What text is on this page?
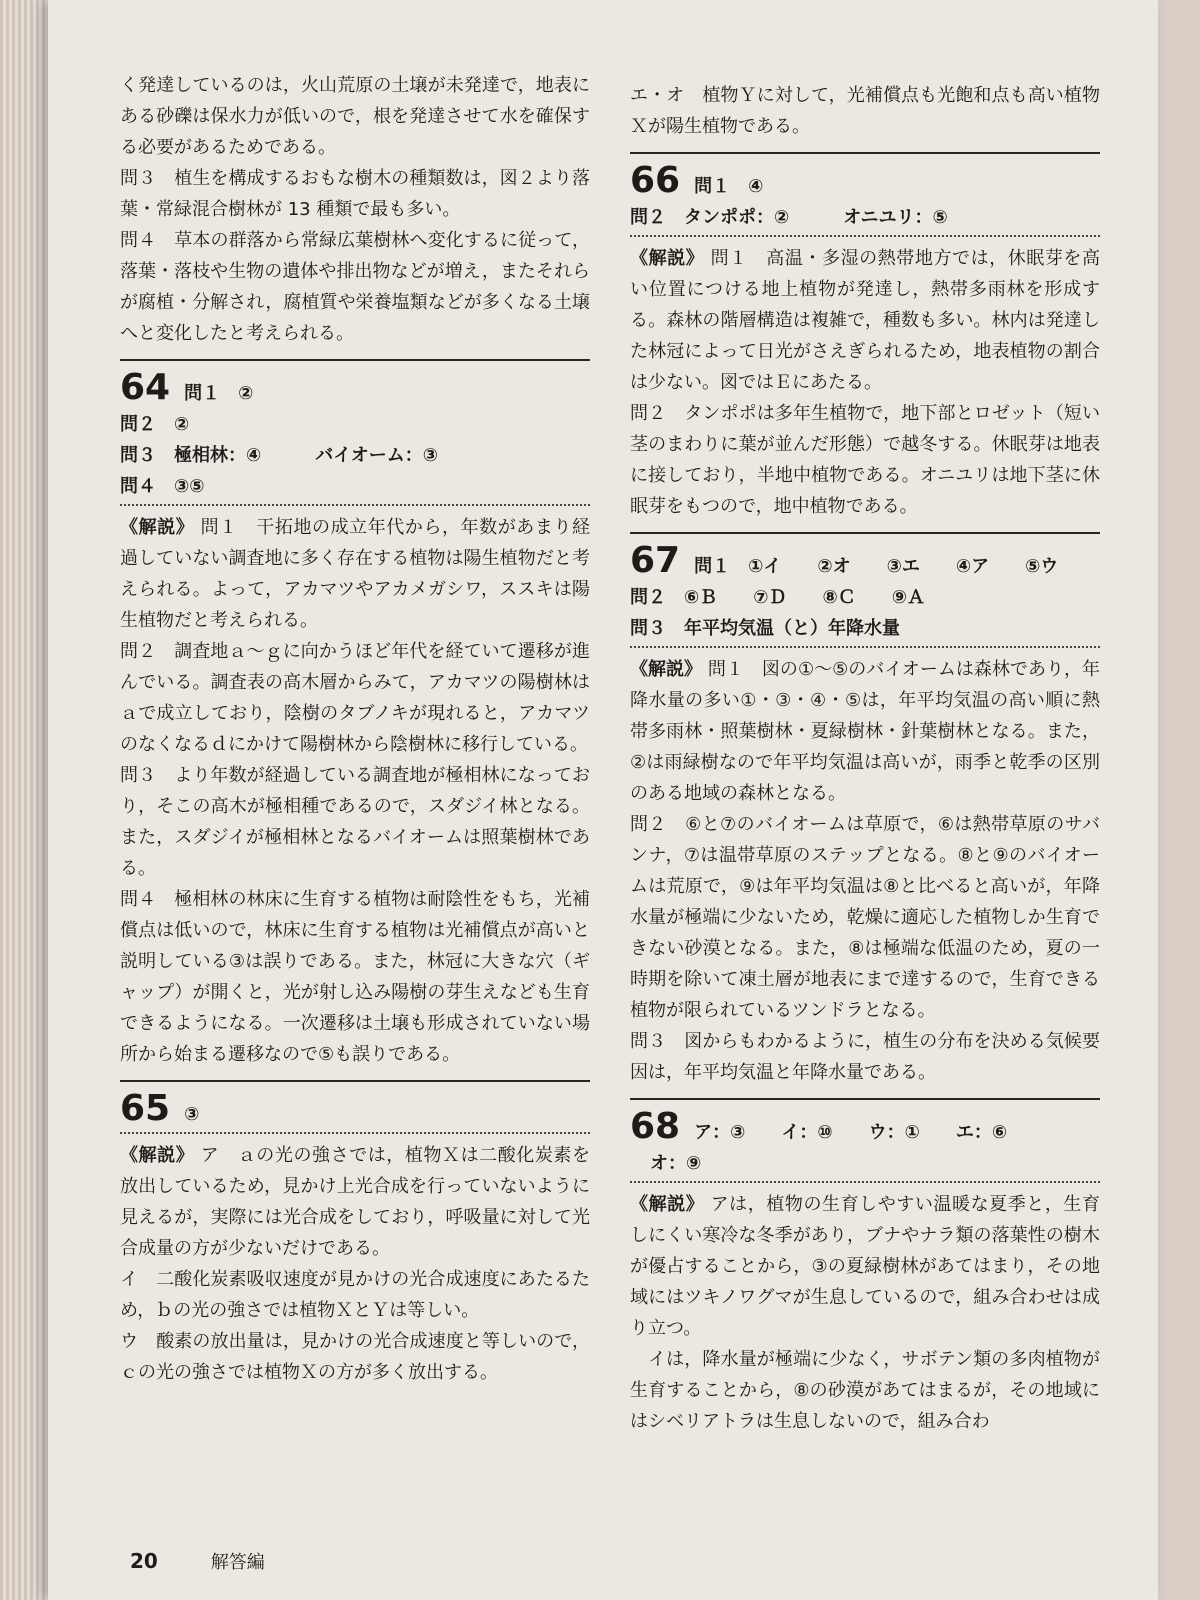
く発達しているのは，火山荒原の土壌が未発達で，地表にある砂礫は保水力が低いので，根を発達させて水を確保する必要があるためである。

問３　植生を構成するおもな樹木の種類数は，図２より落葉・常緑混合樹林が 13 種類で最も多い。

問４　草本の群落から常緑広葉樹林へ変化するに従って，落葉・落枝や生物の遺体や排出物などが増え，またそれらが腐植・分解され，腐植質や栄養塩類などが多くなる土壌へと変化したと考えられる。

64 問１　②

問２　②

問３　極相林：④　　　バイオーム：③

問４　③⑤

《解説》 問１　干拓地の成立年代から，年数があまり経過していない調査地に多く存在する植物は陽生植物だと考えられる。よって，アカマツやアカメガシワ，ススキは陽生植物だと考えられる。

問２　調査地ａ～ｇに向かうほど年代を経ていて遷移が進んでいる。調査表の高木層からみて，アカマツの陽樹林はａで成立しており，陰樹のタブノキが現れると，アカマツのなくなるｄにかけて陽樹林から陰樹林に移行している。

問３　より年数が経過している調査地が極相林になっており，そこの高木が極相種であるので，スダジイ林となる。また，スダジイが極相林となるバイオームは照葉樹林である。

問４　極相林の林床に生育する植物は耐陰性をもち，光補償点は低いので，林床に生育する植物は光補償点が高いと説明している③は誤りである。また，林冠に大きな穴（ギャップ）が開くと，光が射し込み陽樹の芽生えなども生育できるようになる。一次遷移は土壌も形成されていない場所から始まる遷移なので⑤も誤りである。

65 ③

《解説》 ア　ａの光の強さでは，植物Ｘは二酸化炭素を放出しているため，見かけ上光合成を行っていないように見えるが，実際には光合成をしており，呼吸量に対して光合成量の方が少ないだけである。

イ　二酸化炭素吸収速度が見かけの光合成速度にあたるため，ｂの光の強さでは植物ＸとＹは等しい。

ウ　酸素の放出量は，見かけの光合成速度と等しいので，ｃの光の強さでは植物Ｘの方が多く放出する。

エ・オ　植物Ｙに対して，光補償点も光飽和点も高い植物Ｘが陽生植物である。

66 問１　④

問２　タンポポ：②　　　オニユリ：⑤

《解説》 問１　高温・多湿の熱帯地方では，休眠芽を高い位置につける地上植物が発達し，熱帯多雨林を形成する。森林の階層構造は複雑で，種数も多い。林内は発達した林冠によって日光がさえぎられるため，地表植物の割合は少ない。図ではＥにあたる。

問２　タンポポは多年生植物で，地下部とロゼット（短い茎のまわりに葉が並んだ形態）で越冬する。休眠芽は地表に接しており，半地中植物である。オニユリは地下茎に休眠芽をもつので，地中植物である。

67 問１　①イ　　②オ　　③エ　　④ア　　⑤ウ

問２　⑥Ｂ　　⑦Ｄ　　⑧Ｃ　　⑨Ａ

問３　年平均気温（と）年降水量

《解説》 問１　図の①～⑤のバイオームは森林であり，年降水量の多い①・③・④・⑤は，年平均気温の高い順に熱帯多雨林・照葉樹林・夏緑樹林・針葉樹林となる。また，②は雨緑樹なので年平均気温は高いが，雨季と乾季の区別のある地域の森林となる。

問２　⑥と⑦のバイオームは草原で，⑥は熱帯草原のサバンナ，⑦は温帯草原のステップとなる。⑧と⑨のバイオームは荒原で，⑨は年平均気温は⑧と比べると高いが，年降水量が極端に少ないため，乾燥に適応した植物しか生育できない砂漠となる。また，⑧は極端な低温のため，夏の一時期を除いて凍土層が地表にまで達するので，生育できる植物が限られているツンドラとなる。

問３　図からもわかるように，植生の分布を決める気候要因は，年平均気温と年降水量である。

68 ア：③　　イ：⑩　　ウ：①　　エ：⑥

オ：⑨

《解説》 アは，植物の生育しやすい温暖な夏季と，生育しにくい寒冷な冬季があり，ブナやナラ類の落葉性の樹木が優占することから，③の夏緑樹林があてはまり，その地域にはツキノワグマが生息しているので，組み合わせは成り立つ。

イは，降水量が極端に少なく，サボテン類の多肉植物が生育することから，⑧の砂漠があてはまるが，その地域にはシベリアトラは生息しないので，組み合わ

20	解答編
